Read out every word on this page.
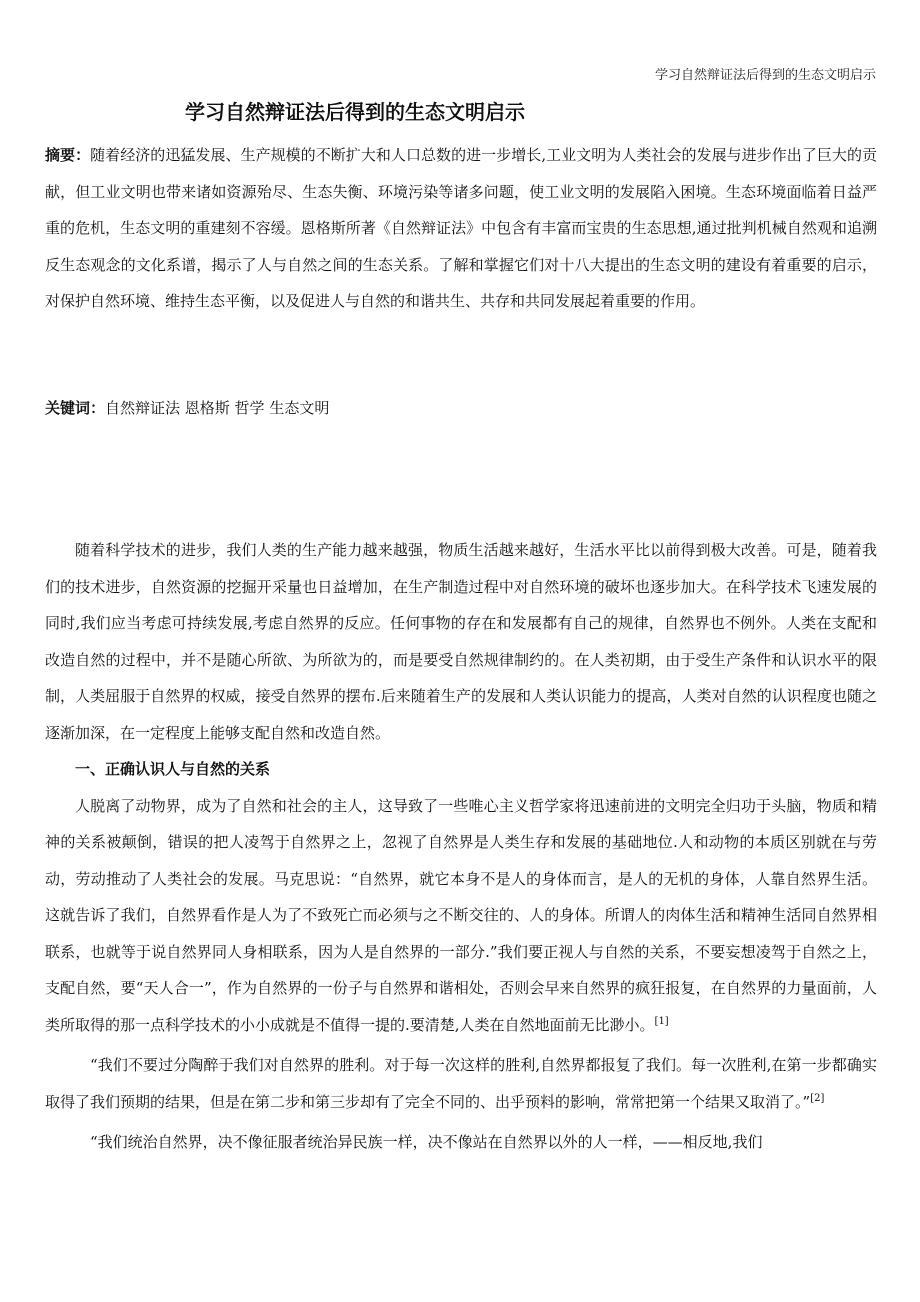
学习自然辩证法后得到的生态文明启示
学习自然辩证法后得到的生态文明启示

摘要：随着经济的迅猛发展、生产规模的不断扩大和人口总数的进一步增长,工业文明为人类社会的发展与进步作出了巨大的贡献，但工业文明也带来诸如资源殆尽、生态失衡、环境污染等诸多问题，使工业文明的发展陷入困境。生态环境面临着日益严重的危机，生态文明的重建刻不容缓。恩格斯所著《自然辩证法》中包含有丰富而宝贵的生态思想,通过批判机械自然观和追溯反生态观念的文化系谱，揭示了人与自然之间的生态关系。了解和掌握它们对十八大提出的生态文明的建设有着重要的启示，对保护自然环境、维持生态平衡，以及促进人与自然的和谐共生、共存和共同发展起着重要的作用。

关键词：自然辩证法 恩格斯 哲学 生态文明

随着科学技术的进步，我们人类的生产能力越来越强，物质生活越来越好，生活水平比以前得到极大改善。可是，随着我们的技术进步，自然资源的挖掘开采量也日益增加，在生产制造过程中对自然环境的破坏也逐步加大。在科学技术飞速发展的同时,我们应当考虑可持续发展,考虑自然界的反应。任何事物的存在和发展都有自己的规律，自然界也不例外。人类在支配和改造自然的过程中，并不是随心所欲、为所欲为的，而是要受自然规律制约的。在人类初期，由于受生产条件和认识水平的限制，人类屈服于自然界的权威，接受自然界的摆布.后来随着生产的发展和人类认识能力的提高，人类对自然的认识程度也随之逐渐加深，在一定程度上能够支配自然和改造自然。

一、正确认识人与自然的关系

人脱离了动物界，成为了自然和社会的主人，这导致了一些唯心主义哲学家将迅速前进的文明完全归功于头脑，物质和精神的关系被颠倒，错误的把人凌驾于自然界之上，忽视了自然界是人类生存和发展的基础地位.人和动物的本质区别就在与劳动，劳动推动了人类社会的发展。马克思说：“自然界，就它本身不是人的身体而言，是人的无机的身体，人靠自然界生活。这就告诉了我们，自然界看作是人为了不致死亡而必须与之不断交往的、人的身体。所谓人的肉体生活和精神生活同自然界相联系，也就等于说自然界同人身相联系，因为人是自然界的一部分.”我们要正视人与自然的关系，不要妄想凌驾于自然之上，支配自然，要“天人合一”，作为自然界的一份子与自然界和谐相处，否则会早来自然界的疯狂报复，在自然界的力量面前，人类所取得的那一点科学技术的小小成就是不值得一提的.要清楚,人类在自然地面前无比渺小。[1]

“我们不要过分陶醉于我们对自然界的胜利。对于每一次这样的胜利,自然界都报复了我们。每一次胜利,在第一步都确实取得了我们预期的结果，但是在第二步和第三步却有了完全不同的、出乎预料的影响，常常把第一个结果又取消了。”[2]

“我们统治自然界，决不像征服者统治异民族一样，决不像站在自然界以外的人一样，——相反地,我们
